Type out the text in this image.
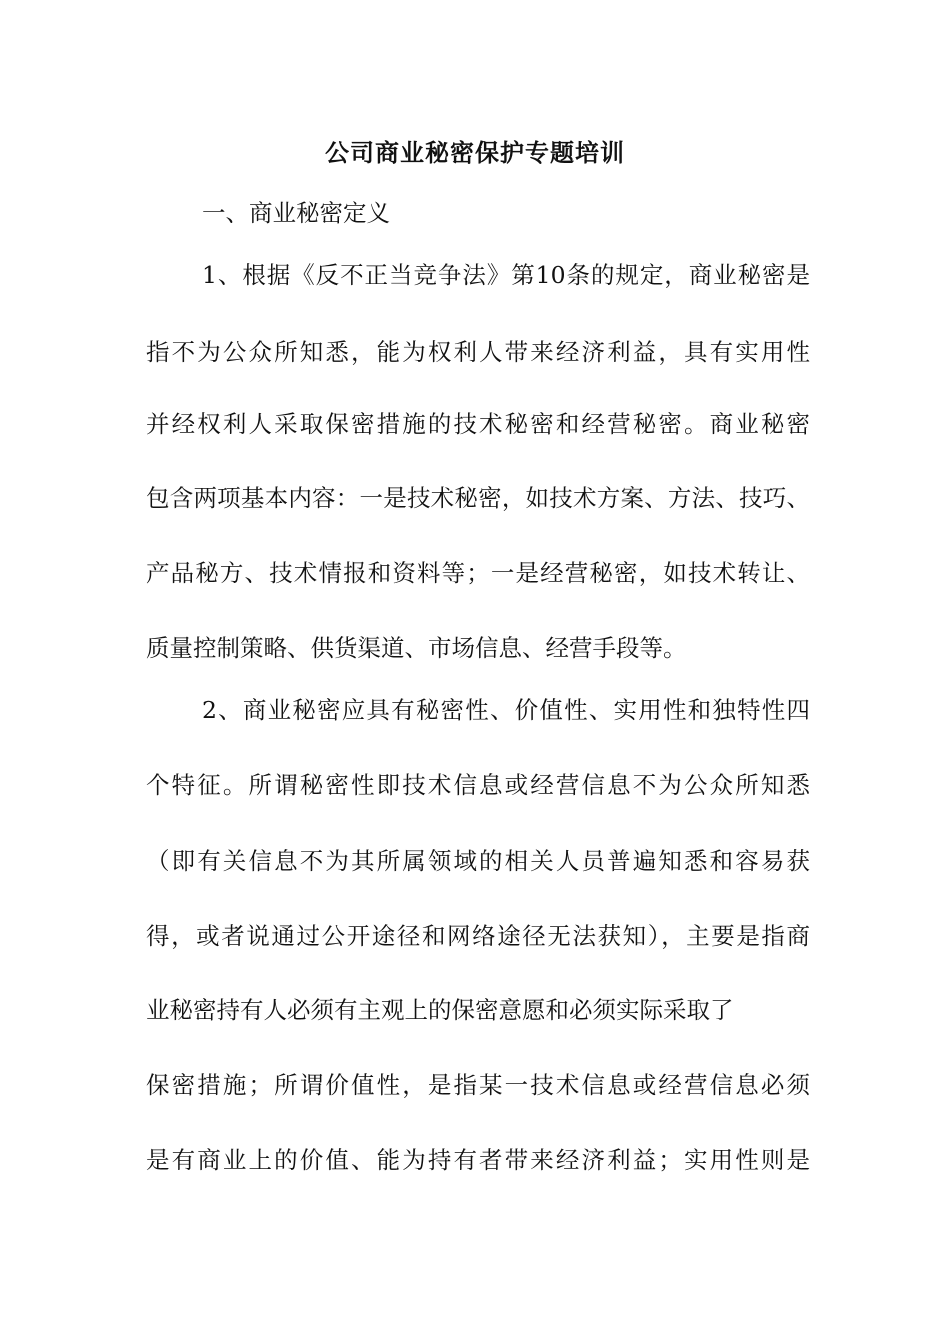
公司商业秘密保护专题培训
一、商业秘密定义
1、根据《反不正当竞争法》第10条的规定，商业秘密是
指不为公众所知悉，能为权利人带来经济利益，具有实用性
并经权利人采取保密措施的技术秘密和经营秘密。商业秘密
包含两项基本内容：一是技术秘密，如技术方案、方法、技巧、
产品秘方、技术情报和资料等；一是经营秘密，如技术转让、
质量控制策略、供货渠道、市场信息、经营手段等。
2、商业秘密应具有秘密性、价值性、实用性和独特性四
个特征。所谓秘密性即技术信息或经营信息不为公众所知悉
（即有关信息不为其所属领域的相关人员普遍知悉和容易获
得，或者说通过公开途径和网络途径无法获知），主要是指商
业秘密持有人必须有主观上的保密意愿和必须实际采取了
保密措施；所谓价值性，是指某一技术信息或经营信息必须
是有商业上的价值、能为持有者带来经济利益；实用性则是
